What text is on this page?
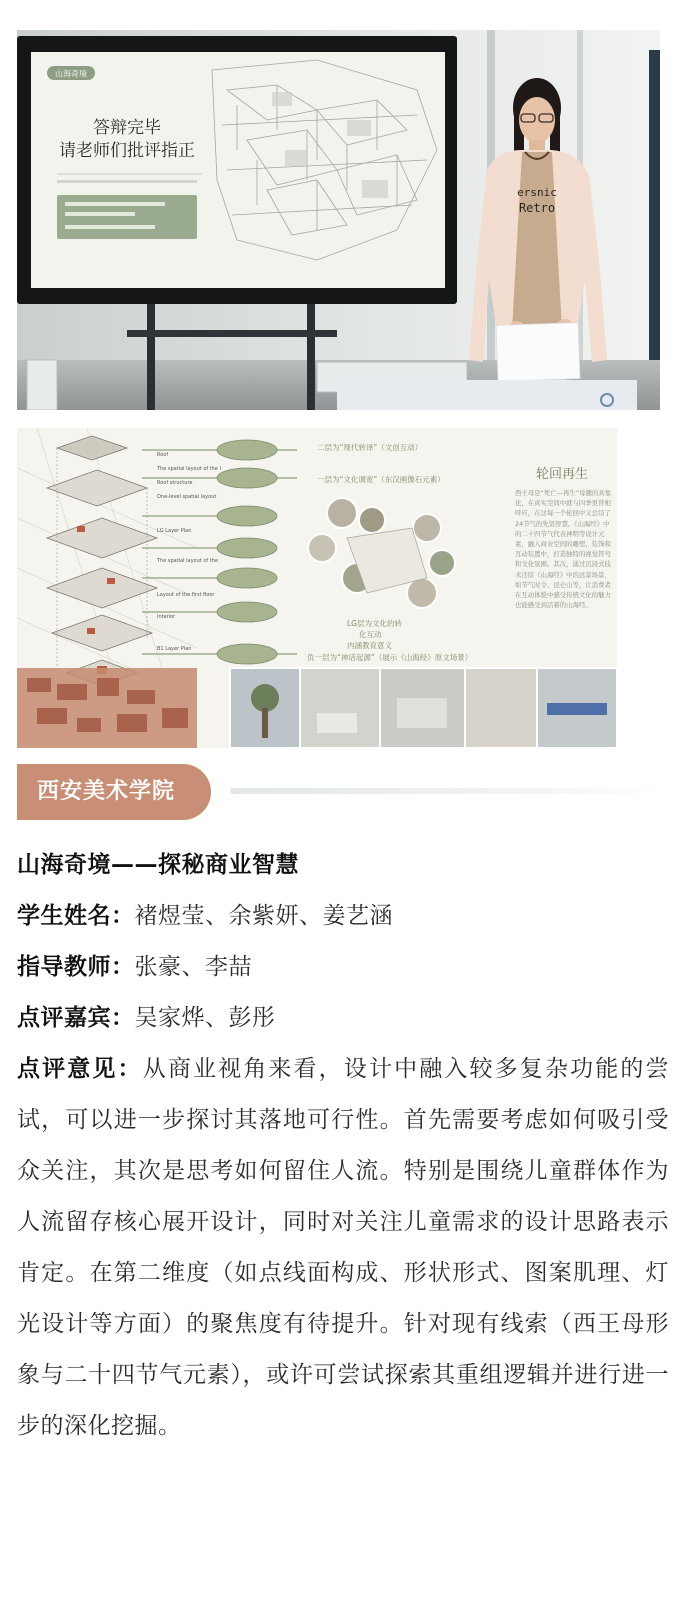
山海奇境
答辩完毕
请老师们批评指正
ersnic
Retro
Roof
The spatial layout of the I
Roof structure
One-level spatial layout
LG Layer Plan
The spatial layout of the
Layout of the first floor
Interior
B1 Layer Plan
二层为“现代转译”（文创互动）
一层为“文化调宽”（东汉画像石元素）
LG层为文化的转
化互动
内涵教育意义
负一层为“神话起源”（展示《山海经》原文场景）
轮回再生
西王母是“死亡—再生”母题的具象化，在真实空间中就与四季更替相呼应，在这每一个轮回中又总结了24节气的先贤智慧。《山海经》中的二十四节气代表神明等设计元素，融入商业空间的雕塑、装饰和互动装置中，打造独特的视觉符号和文化氛围。其次，通过沉浸式技术还原《山海经》中的远景场景，如节气时令、昆仑山等，让消费者在互动体验中感受传统文化的魅力也能感受到活着的山海经。
西安美术学院

山海奇境——探秘商业智慧

学生姓名：褚煜莹、余紫妍、姜艺涵

指导教师：张豪、李喆

点评嘉宾：吴家烨、彭彤

点评意见：从商业视角来看，设计中融入较多复杂功能的尝试，可以进一步探讨其落地可行性。首先需要考虑如何吸引受众关注，其次是思考如何留住人流。特别是围绕儿童群体作为人流留存核心展开设计，同时对关注儿童需求的设计思路表示肯定。在第二维度（如点线面构成、形状形式、图案肌理、灯光设计等方面）的聚焦度有待提升。针对现有线索（西王母形象与二十四节气元素），或许可尝试探索其重组逻辑并进行进一步的深化挖掘。
